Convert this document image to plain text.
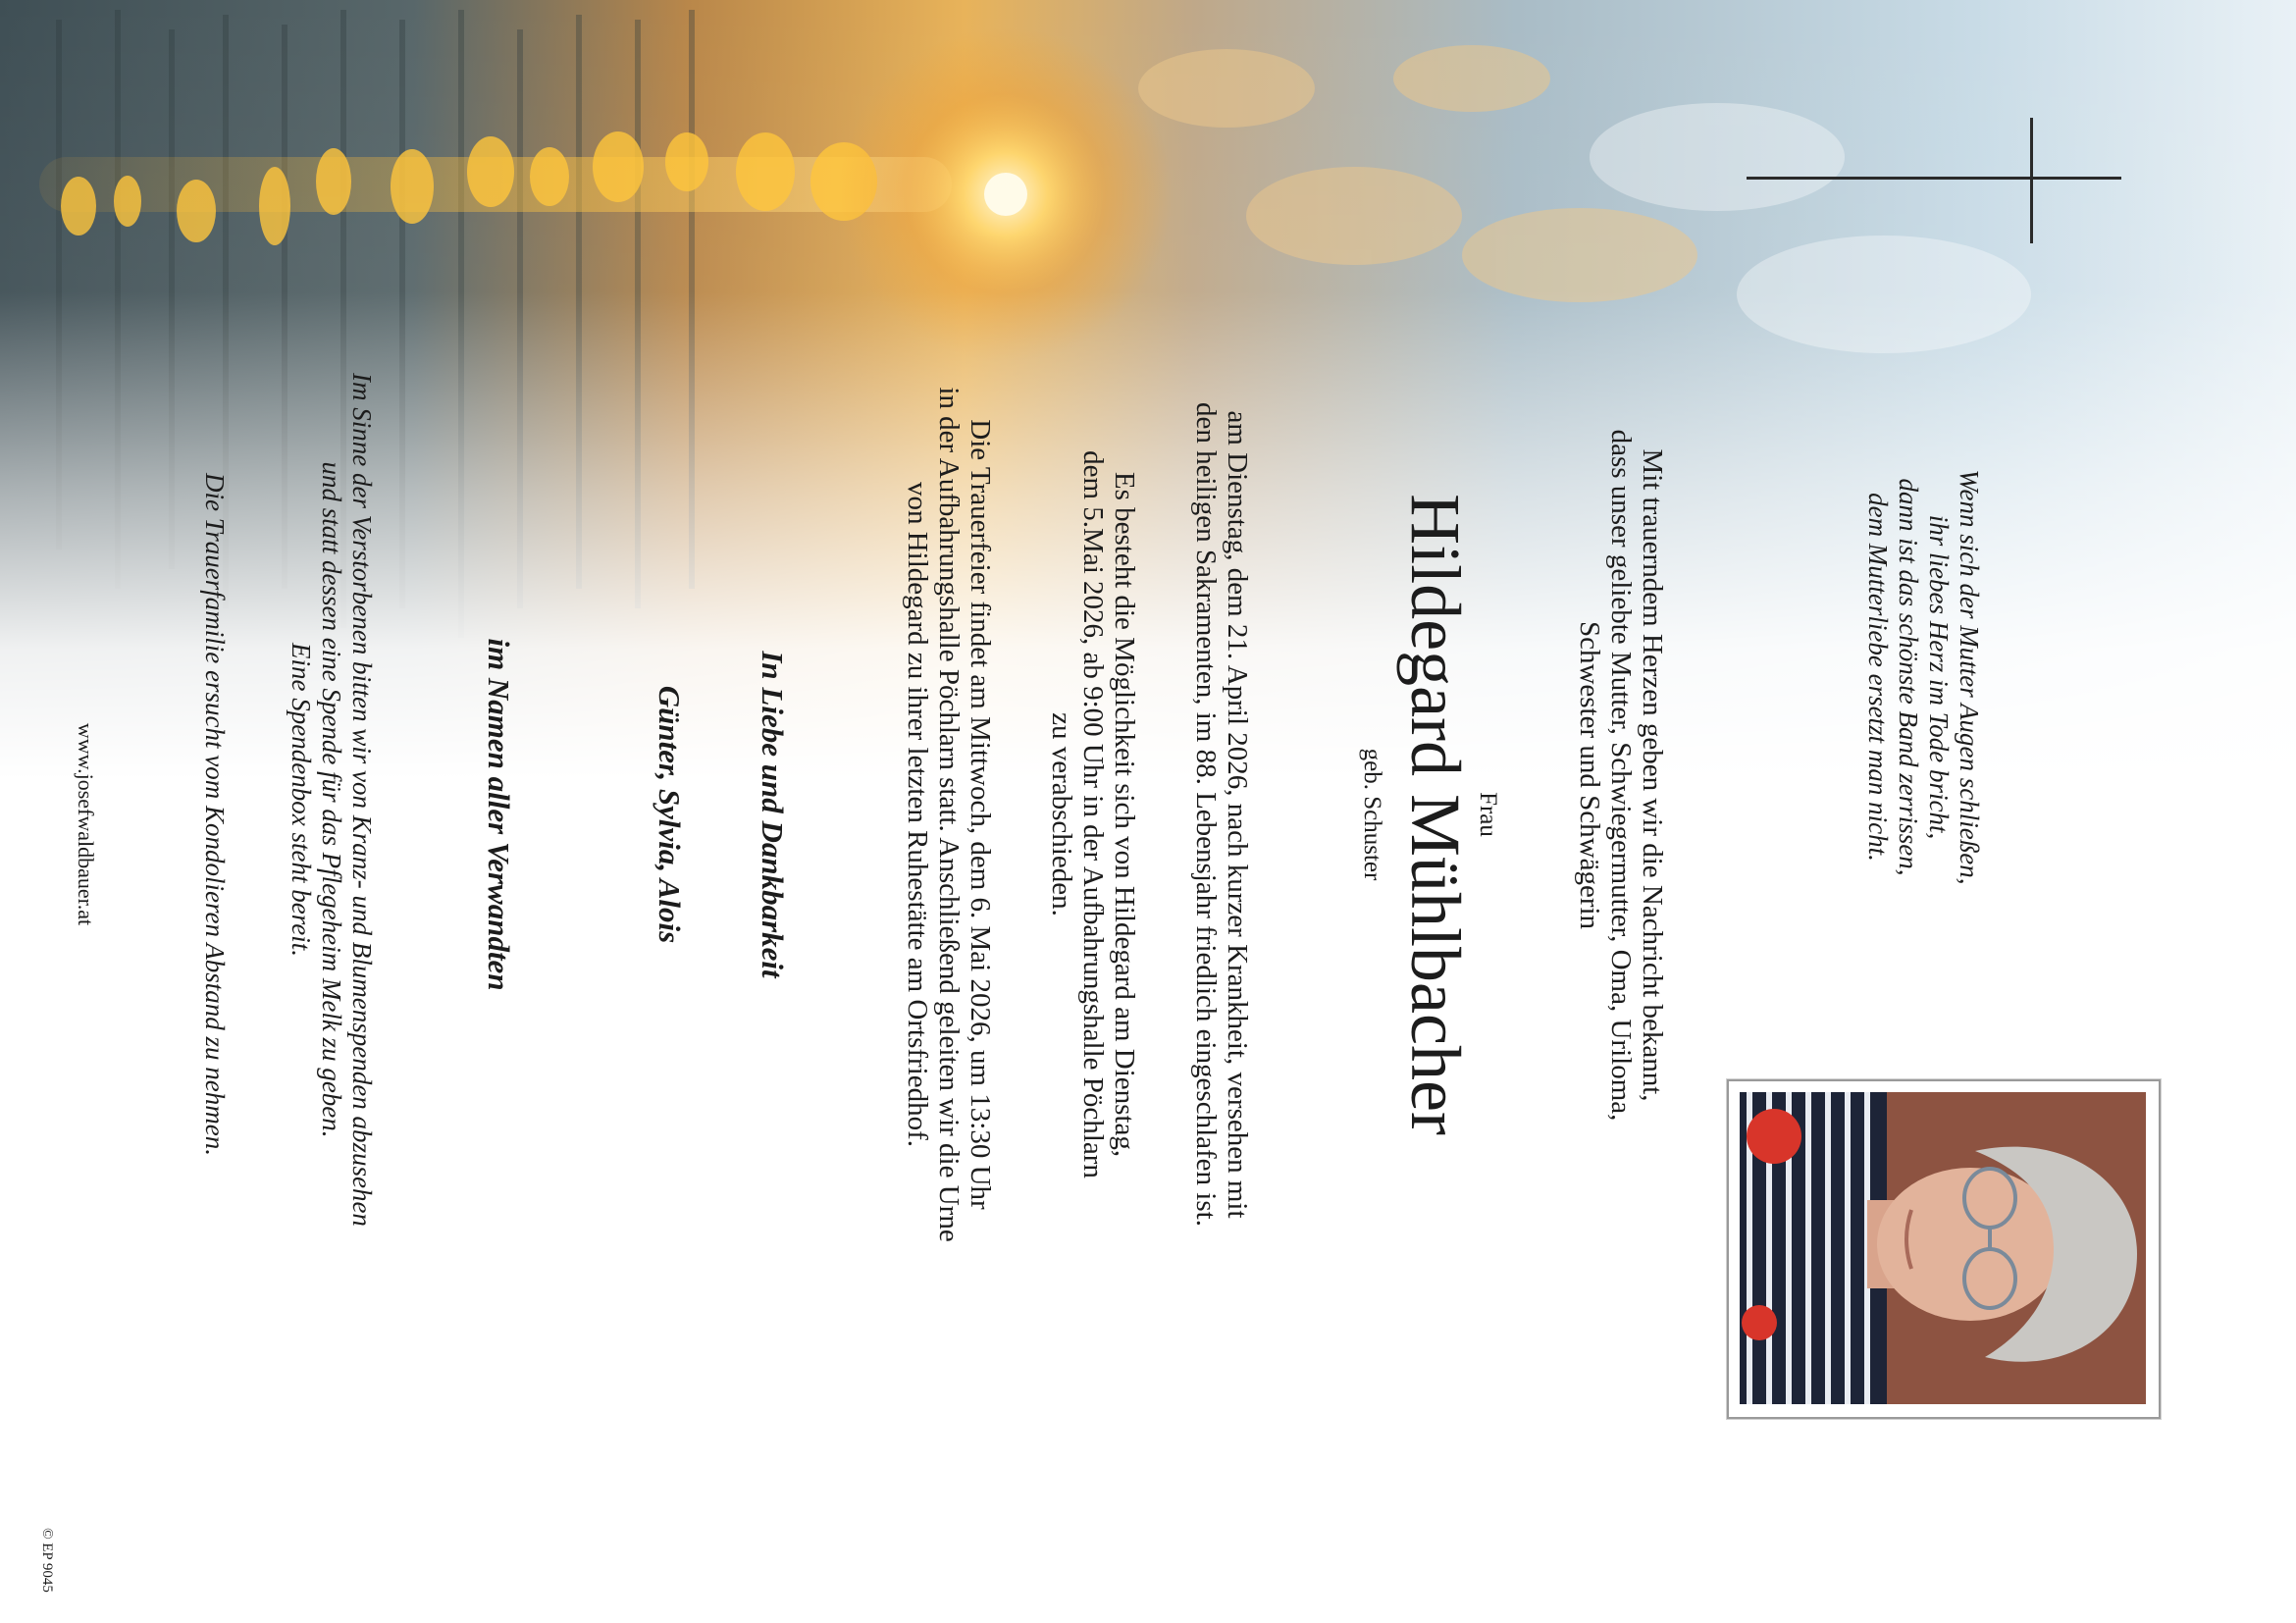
Wenn sich der Mutter Augen schließen,
ihr liebes Herz im Tode bricht,
dann ist das schönste Band zerrissen,
dem Mutterliebe ersetzt man nicht.

Mit trauerndem Herzen geben wir die Nachricht bekannt,
dass unser geliebte Mutter, Schwiegermutter, Oma, Uriloma,
Schwester und Schwägerin

Frau

Hildegard Mühlbacher

geb. Schuster

am Dienstag, dem 21. April 2026, nach kurzer Krankheit, versehen mit
den heiligen Sakramenten, im 88. Lebensjahr friedlich eingeschlafen ist.

Es besteht die Möglichkeit sich von Hildegard am Dienstag,
dem 5.Mai 2026, ab 9:00 Uhr in der Aufbahrungshalle Pöchlarn
zu verabschieden.

Die Trauerfeier findet am Mittwoch, dem 6. Mai 2026, um 13:30 Uhr
in der Aufbahrungshalle Pöchlarn statt. Anschließend geleiten wir die Urne
von Hildegard zu ihrer letzten Ruhestätte am Ortsfriedhof.

In Liebe und Dankbarkeit

Günter, Sylvia, Alois

im Namen aller Verwandten

Im Sinne der Verstorbenen bitten wir von Kranz- und Blumenspenden abzusehen
und statt dessen eine Spende für das Pflegeheim Melk zu geben.
Eine Spendenbox steht bereit.

Die Trauerfamilie ersucht vom Kondolieren Abstand zu nehmen.

www.josefwaldbauer.at

© EP 9045
